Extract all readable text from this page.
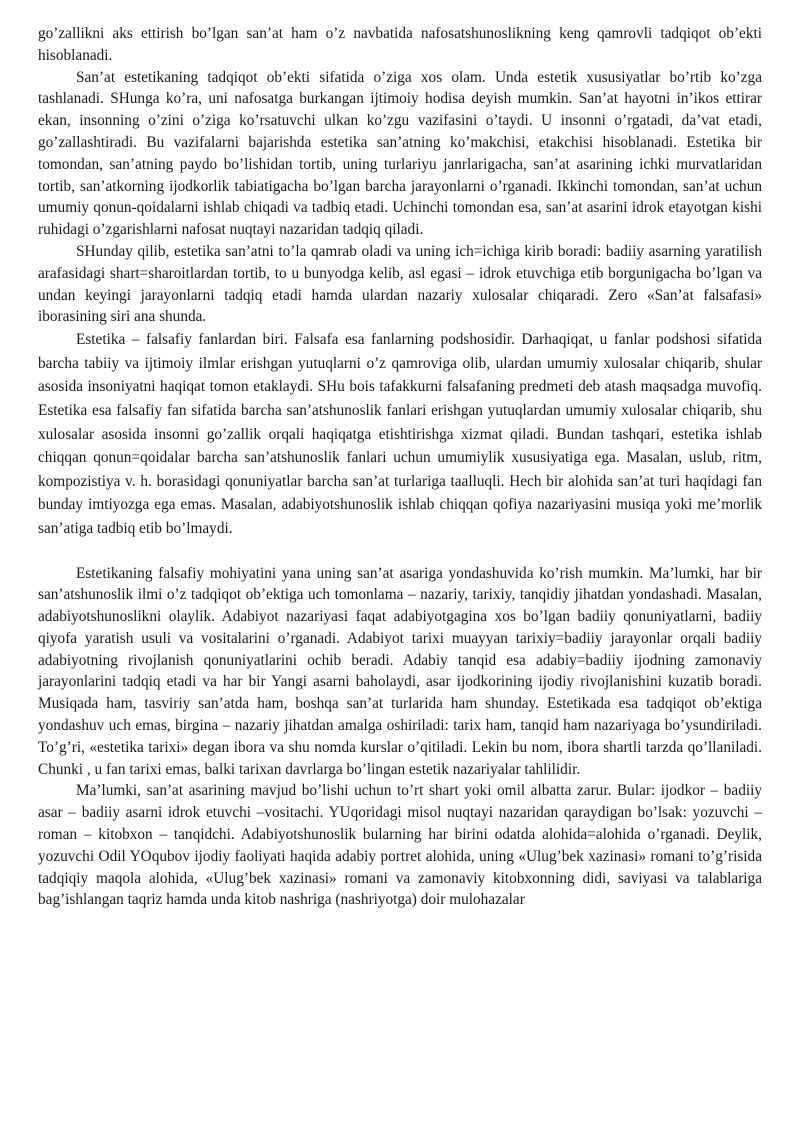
go’zallikni aks ettirish bo’lgan san’at ham o’z navbatida nafosatshunoslikning keng qamrovli tadqiqot ob’ekti hisoblanadi.

San’at estetikaning tadqiqot ob’ekti sifatida o’ziga xos olam. Unda estetik xususiyatlar bo’rtib ko’zga tashlanadi. SHunga ko’ra, uni nafosatga burkangan ijtimoiy hodisa deyish mumkin. San’at hayotni in’ikos ettirar ekan, insonning o’zini o’ziga ko’rsatuvchi ulkan ko’zgu vazifasini o’taydi. U insonni o’rgatadi, da’vat etadi, go’zallashtiradi. Bu vazifalarni bajarishda estetika san’atning ko’makchisi, etakchisi hisoblanadi. Estetika bir tomondan, san’atning paydo bo’lishidan tortib, uning turlariyu janrlarigacha, san’at asarining ichki murvatlaridan tortib, san’atkorning ijodkorlik tabiatigacha bo’lgan barcha jarayonlarni o’rganadi. Ikkinchi tomondan, san’at uchun umumiy qonun-qoidalarni ishlab chiqadi va tadbiq etadi. Uchinchi tomondan esa, san’at asarini idrok etayotgan kishi ruhidagi o’zgarishlarni nafosat nuqtayi nazaridan tadqiq qiladi.

SHunday qilib, estetika san’atni to’la qamrab oladi va uning ich=ichiga kirib boradi: badiiy asarning yaratilish arafasidagi shart=sharoitlardan tortib, to u bunyodga kelib, asl egasi – idrok etuvchiga etib borgunigacha bo’lgan va undan keyingi jarayonlarni tadqiq etadi hamda ulardan nazariy xulosalar chiqaradi. Zero «San’at falsafasi» iborasining siri ana shunda.

Estetika – falsafiy fanlardan biri. Falsafa esa fanlarning podshosidir. Darhaqiqat, u fanlar podshosi sifatida barcha tabiiy va ijtimoiy ilmlar erishgan yutuqlarni o’z qamroviga olib, ulardan umumiy xulosalar chiqarib, shular asosida insoniyatni haqiqat tomon etaklaydi. SHu bois tafakkurni falsafaning predmeti deb atash maqsadga muvofiq. Estetika esa falsafiy fan sifatida barcha san’atshunoslik fanlari erishgan yutuqlardan umumiy xulosalar chiqarib, shu xulosalar asosida insonni go’zallik orqali haqiqatga etishtirishga xizmat qiladi. Bundan tashqari, estetika ishlab chiqqan qonun=qoidalar barcha san’atshunoslik fanlari uchun umumiylik xususiyatiga ega. Masalan, uslub, ritm, kompozistiya v. h. borasidagi qonuniyatlar barcha san’at turlariga taalluqli. Hech bir alohida san’at turi haqidagi fan bunday imtiyozga ega emas. Masalan, adabiyotshunoslik ishlab chiqqan qofiya nazariyasini musiqa yoki me’morlik san’atiga tadbiq etib bo’lmaydi.

Estetikaning falsafiy mohiyatini yana uning san’at asariga yondashuvida ko’rish mumkin. Ma’lumki, har bir san’atshunoslik ilmi o’z tadqiqot ob’ektiga uch tomonlama – nazariy, tarixiy, tanqidiy jihatdan yondashadi. Masalan, adabiyotshunoslikni olaylik. Adabiyot nazariyasi faqat adabiyotgagina xos bo’lgan badiiy qonuniyatlarni, badiiy qiyofa yaratish usuli va vositalarini o’rganadi. Adabiyot tarixi muayyan tarixiy=badiiy jarayonlar orqali badiiy adabiyotning rivojlanish qonuniyatlarini ochib beradi. Adabiy tanqid esa adabiy=badiiy ijodning zamonaviy jarayonlarini tadqiq etadi va har bir Yangi asarni baholaydi, asar ijodkorining ijodiy rivojlanishini kuzatib boradi. Musiqada ham, tasviriy san’atda ham, boshqa san’at turlarida ham shunday. Estetikada esa tadqiqot ob’ektiga yondashuv uch emas, birgina – nazariy jihatdan amalga oshiriladi: tarix ham, tanqid ham nazariyaga bo’ysundiriladi. To’g’ri, «estetika tarixi» degan ibora va shu nomda kurslar o’qitiladi. Lekin bu nom, ibora shartli tarzda qo’llaniladi. Chunki , u fan tarixi emas, balki tarixan davrlarga bo’lingan estetik nazariyalar tahlilidir.

Ma’lumki, san’at asarining mavjud bo’lishi uchun to’rt shart yoki omil albatta zarur. Bular: ijodkor – badiiy asar – badiiy asarni idrok etuvchi –vositachi. YUqoridagi misol nuqtayi nazaridan qaraydigan bo’lsak: yozuvchi – roman – kitobxon – tanqidchi. Adabiyotshunoslik bularning har birini odatda alohida=alohida o’rganadi. Deylik, yozuvchi Odil YOqubov ijodiy faoliyati haqida adabiy portret alohida, uning «Ulug’bek xazinasi» romani to’g’risida tadqiqiy maqola alohida, «Ulug’bek xazinasi» romani va zamonaviy kitobxonning didi, saviyasi va talablariga bag’ishlangan taqriz hamda unda kitob nashriga (nashriyotga) doir mulohazalar
